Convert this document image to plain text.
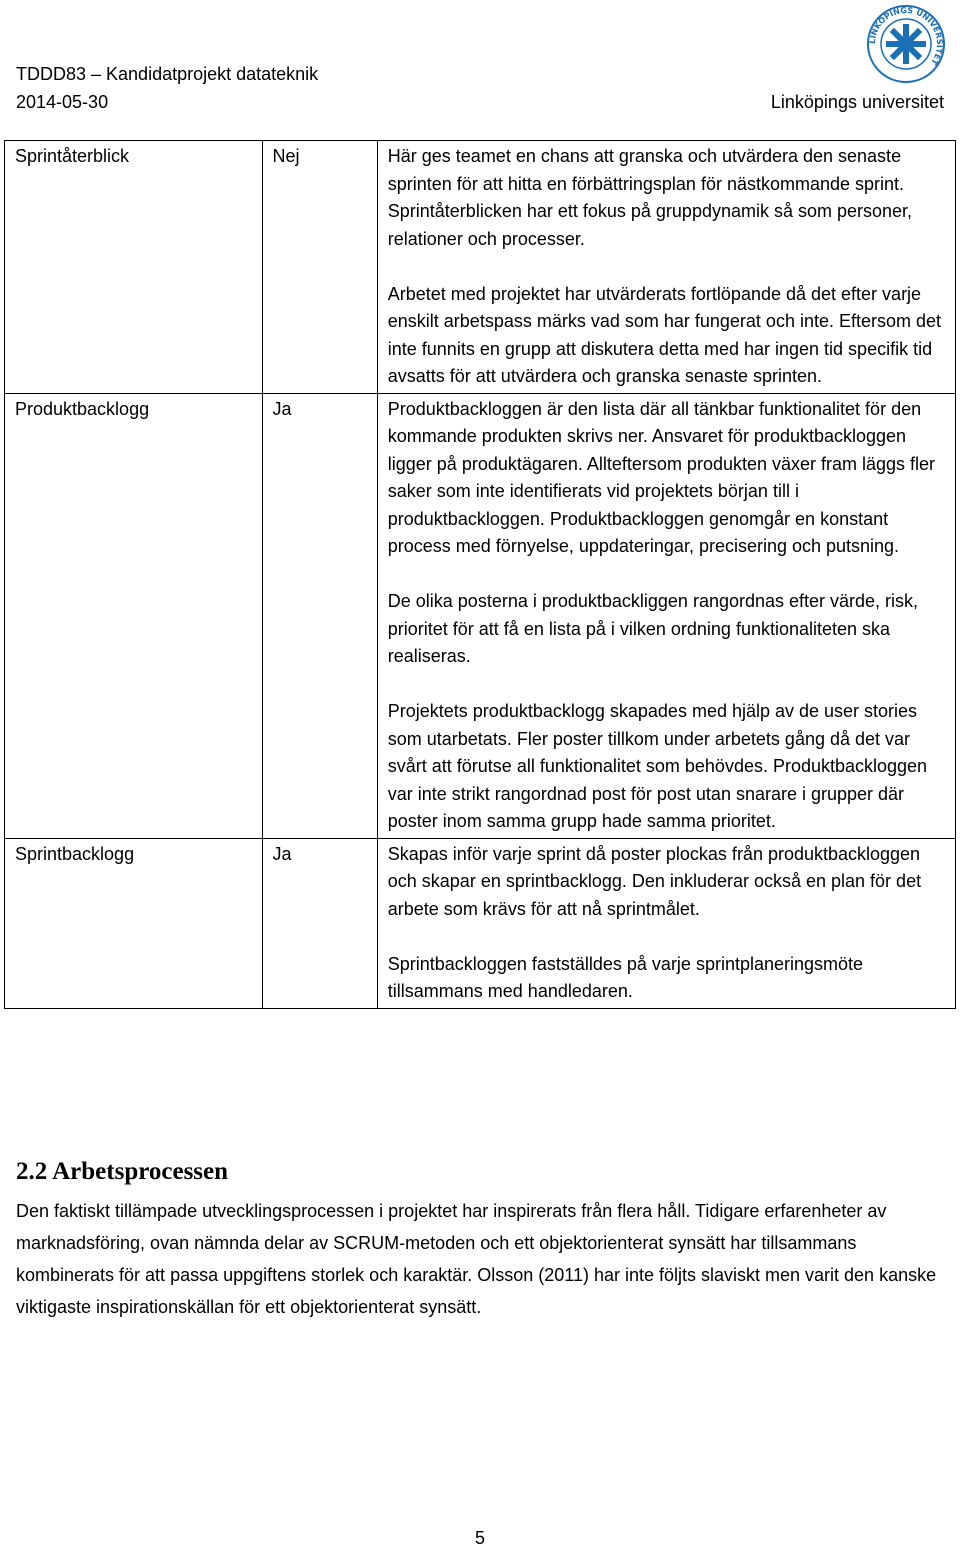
TDDD83 – Kandidatprojekt datateknik
2014-05-30	Linköpings universitet
LINKÖPINGS UNIVERSITET
Sprintåterblick	Nej	Här ges teamet en chans att granska och utvärdera den senaste sprinten för att hitta en förbättringsplan för nästkommande sprint. Sprintåterblicken har ett fokus på gruppdynamik så som personer, relationer och processer.

Arbetet med projektet har utvärderats fortlöpande då det efter varje enskilt arbetspass märks vad som har fungerat och inte. Eftersom det inte funnits en grupp att diskutera detta med har ingen tid specifik tid avsatts för att utvärdera och granska senaste sprinten.

Produktbacklogg	Ja	Produktbackloggen är den lista där all tänkbar funktionalitet för den kommande produkten skrivs ner. Ansvaret för produktbackloggen ligger på produktägaren. Allteftersom produkten växer fram läggs fler saker som inte identifierats vid projektets början till i produktbackloggen. Produktbackloggen genomgår en konstant process med förnyelse, uppdateringar, precisering och putsning.

De olika posterna i produktbackliggen rangordnas efter värde, risk, prioritet för att få en lista på i vilken ordning funktionaliteten ska realiseras.

Projektets produktbacklogg skapades med hjälp av de user stories som utarbetats. Fler poster tillkom under arbetets gång då det var svårt att förutse all funktionalitet som behövdes. Produktbackloggen var inte strikt rangordnad post för post utan snarare i grupper där poster inom samma grupp hade samma prioritet.

Sprintbacklogg	Ja	Skapas inför varje sprint då poster plockas från produktbackloggen och skapar en sprintbacklogg. Den inkluderar också en plan för det arbete som krävs för att nå sprintmålet.

Sprintbackloggen fastställdes på varje sprintplaneringsmöte tillsammans med handledaren.

2.2 Arbetsprocessen

Den faktiskt tillämpade utvecklingsprocessen i projektet har inspirerats från flera håll. Tidigare erfarenheter av marknadsföring, ovan nämnda delar av SCRUM-metoden och ett objektorienterat synsätt har tillsammans kombinerats för att passa uppgiftens storlek och karaktär. Olsson (2011) har inte följts slaviskt men varit den kanske viktigaste inspirationskällan för ett objektorienterat synsätt.

5
